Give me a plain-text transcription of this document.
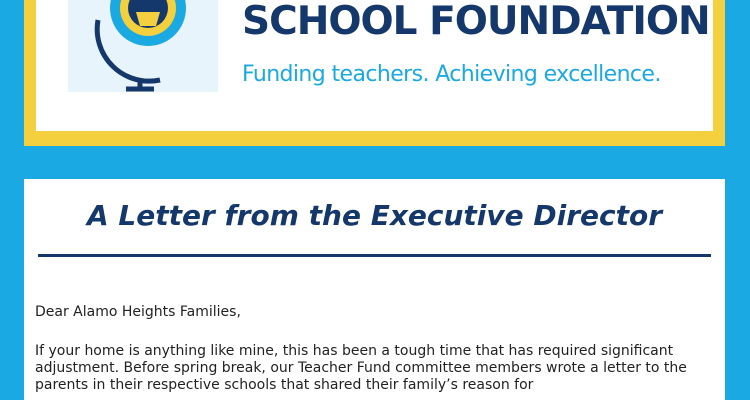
SCHOOL FOUNDATION
Funding teachers. Achieving excellence.
A Letter from the Executive Director

Dear Alamo Heights Families,

If your home is anything like mine, this has been a tough time that has required significant adjustment. Before spring break, our Teacher Fund committee members wrote a letter to the parents in their respective schools that shared their family’s reason for
